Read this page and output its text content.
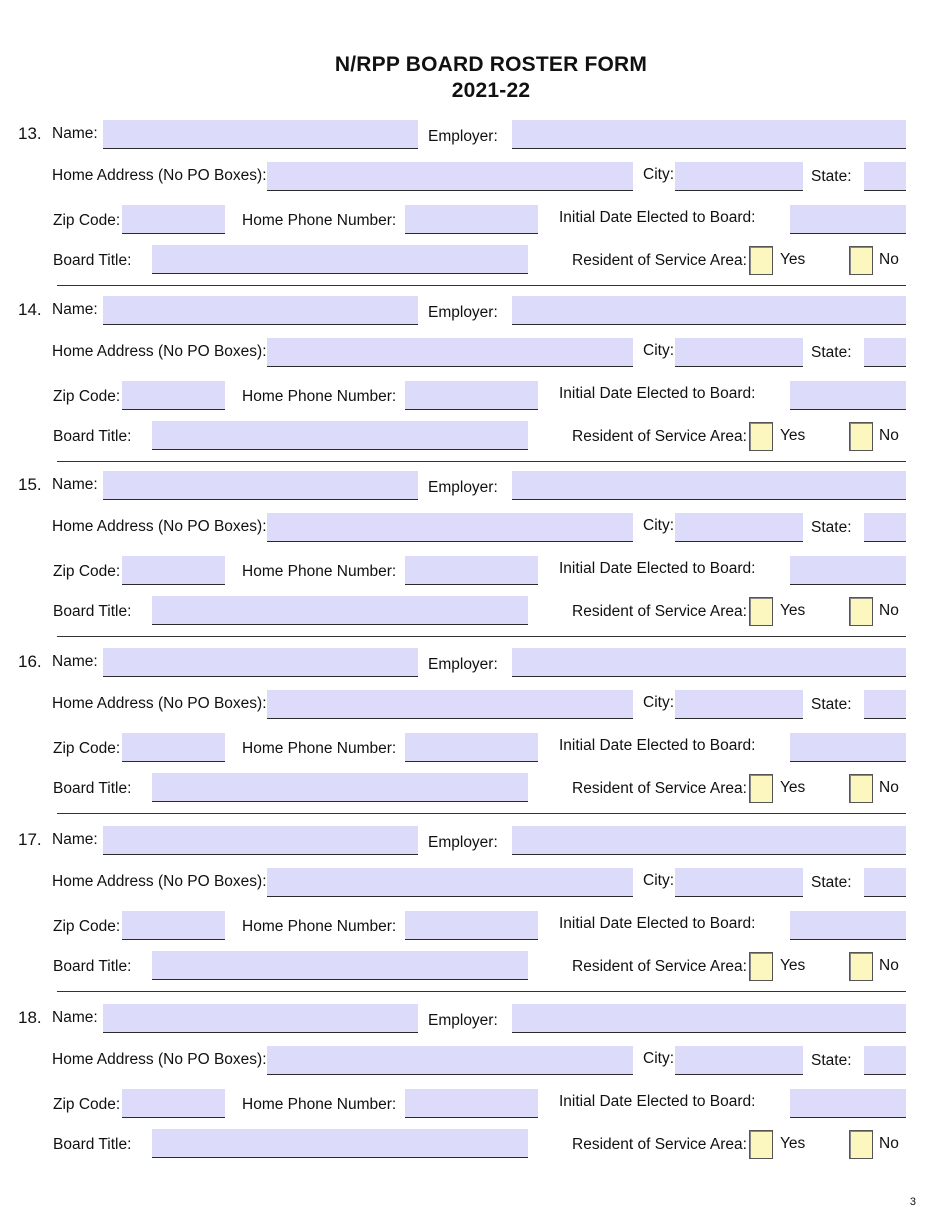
N/RPP BOARD ROSTER FORM
2021-22
13. Name:	Employer:
Home Address (No PO Boxes):	City:	State:
Zip Code:	Home Phone Number:	Initial Date Elected to Board:
Board Title:	Resident of Service Area: Yes	No
14. Name:	Employer:
Home Address (No PO Boxes):	City:	State:
Zip Code:	Home Phone Number:	Initial Date Elected to Board:
Board Title:	Resident of Service Area: Yes	No
15. Name:	Employer:
Home Address (No PO Boxes):	City:	State:
Zip Code:	Home Phone Number:	Initial Date Elected to Board:
Board Title:	Resident of Service Area: Yes	No
16. Name:	Employer:
Home Address (No PO Boxes):	City:	State:
Zip Code:	Home Phone Number:	Initial Date Elected to Board:
Board Title:	Resident of Service Area: Yes	No
17. Name:	Employer:
Home Address (No PO Boxes):	City:	State:
Zip Code:	Home Phone Number:	Initial Date Elected to Board:
Board Title:	Resident of Service Area: Yes	No
18. Name:	Employer:
Home Address (No PO Boxes):	City:	State:
Zip Code:	Home Phone Number:	Initial Date Elected to Board:
Board Title:	Resident of Service Area: Yes	No
3
